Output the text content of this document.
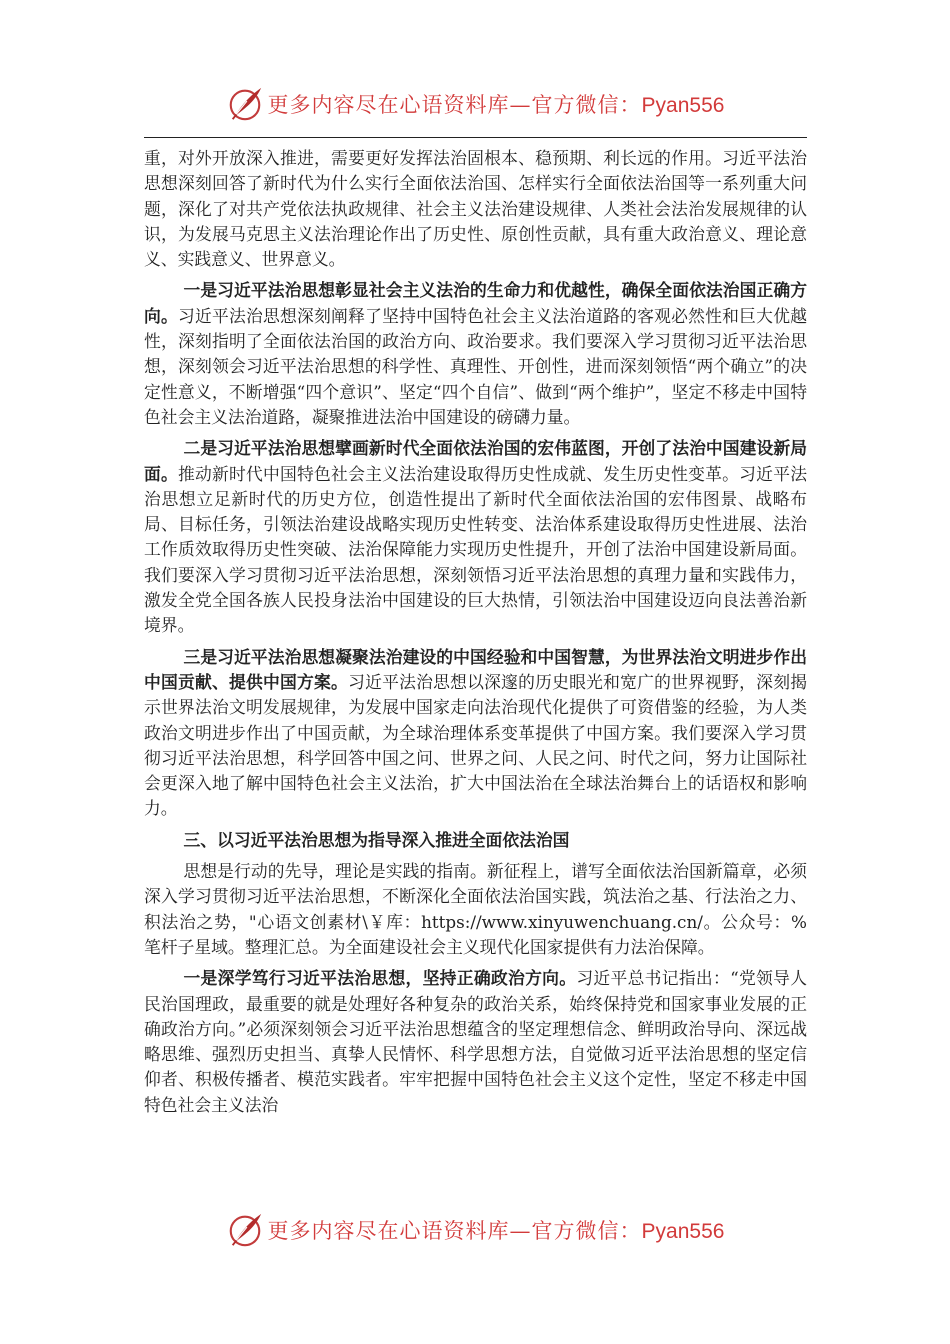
更多内容尽在心语资料库—官方微信：Pyan556

重，对外开放深入推进，需要更好发挥法治固根本、稳预期、利长远的作用。习近平法治思想深刻回答了新时代为什么实行全面依法治国、怎样实行全面依法治国等一系列重大问题，深化了对共产党依法执政规律、社会主义法治建设规律、人类社会法治发展规律的认识，为发展马克思主义法治理论作出了历史性、原创性贡献，具有重大政治意义、理论意义、实践意义、世界意义。

一是习近平法治思想彰显社会主义法治的生命力和优越性，确保全面依法治国正确方向。习近平法治思想深刻阐释了坚持中国特色社会主义法治道路的客观必然性和巨大优越性，深刻指明了全面依法治国的政治方向、政治要求。我们要深入学习贯彻习近平法治思想，深刻领会习近平法治思想的科学性、真理性、开创性，进而深刻领悟“两个确立”的决定性意义，不断增强“四个意识”、坚定“四个自信”、做到“两个维护”，坚定不移走中国特色社会主义法治道路，凝聚推进法治中国建设的磅礴力量。

二是习近平法治思想擘画新时代全面依法治国的宏伟蓝图，开创了法治中国建设新局面。推动新时代中国特色社会主义法治建设取得历史性成就、发生历史性变革。习近平法治思想立足新时代的历史方位，创造性提出了新时代全面依法治国的宏伟图景、战略布局、目标任务，引领法治建设战略实现历史性转变、法治体系建设取得历史性进展、法治工作质效取得历史性突破、法治保障能力实现历史性提升，开创了法治中国建设新局面。我们要深入学习贯彻习近平法治思想，深刻领悟习近平法治思想的真理力量和实践伟力，激发全党全国各族人民投身法治中国建设的巨大热情，引领法治中国建设迈向良法善治新境界。

三是习近平法治思想凝聚法治建设的中国经验和中国智慧，为世界法治文明进步作出中国贡献、提供中国方案。习近平法治思想以深邃的历史眼光和宽广的世界视野，深刻揭示世界法治文明发展规律，为发展中国家走向法治现代化提供了可资借鉴的经验，为人类政治文明进步作出了中国贡献，为全球治理体系变革提供了中国方案。我们要深入学习贯彻习近平法治思想，科学回答中国之问、世界之问、人民之问、时代之问，努力让国际社会更深入地了解中国特色社会主义法治，扩大中国法治在全球法治舞台上的话语权和影响力。

三、以习近平法治思想为指导深入推进全面依法治国

思想是行动的先导，理论是实践的指南。新征程上，谱写全面依法治国新篇章，必须深入学习贯彻习近平法治思想，不断深化全面依法治国实践，筑法治之基、行法治之力、积法治之势，"心语文创素材\￥库：https://www.xinyuwenchuang.cn/。公众号：%笔杆子星域。整理汇总。为全面建设社会主义现代化国家提供有力法治保障。

一是深学笃行习近平法治思想，坚持正确政治方向。习近平总书记指出：“党领导人民治国理政，最重要的就是处理好各种复杂的政治关系，始终保持党和国家事业发展的正确政治方向。”必须深刻领会习近平法治思想蕴含的坚定理想信念、鲜明政治导向、深远战略思维、强烈历史担当、真挚人民情怀、科学思想方法，自觉做习近平法治思想的坚定信仰者、积极传播者、模范实践者。牢牢把握中国特色社会主义这个定性，坚定不移走中国特色社会主义法治

更多内容尽在心语资料库—官方微信：Pyan556
